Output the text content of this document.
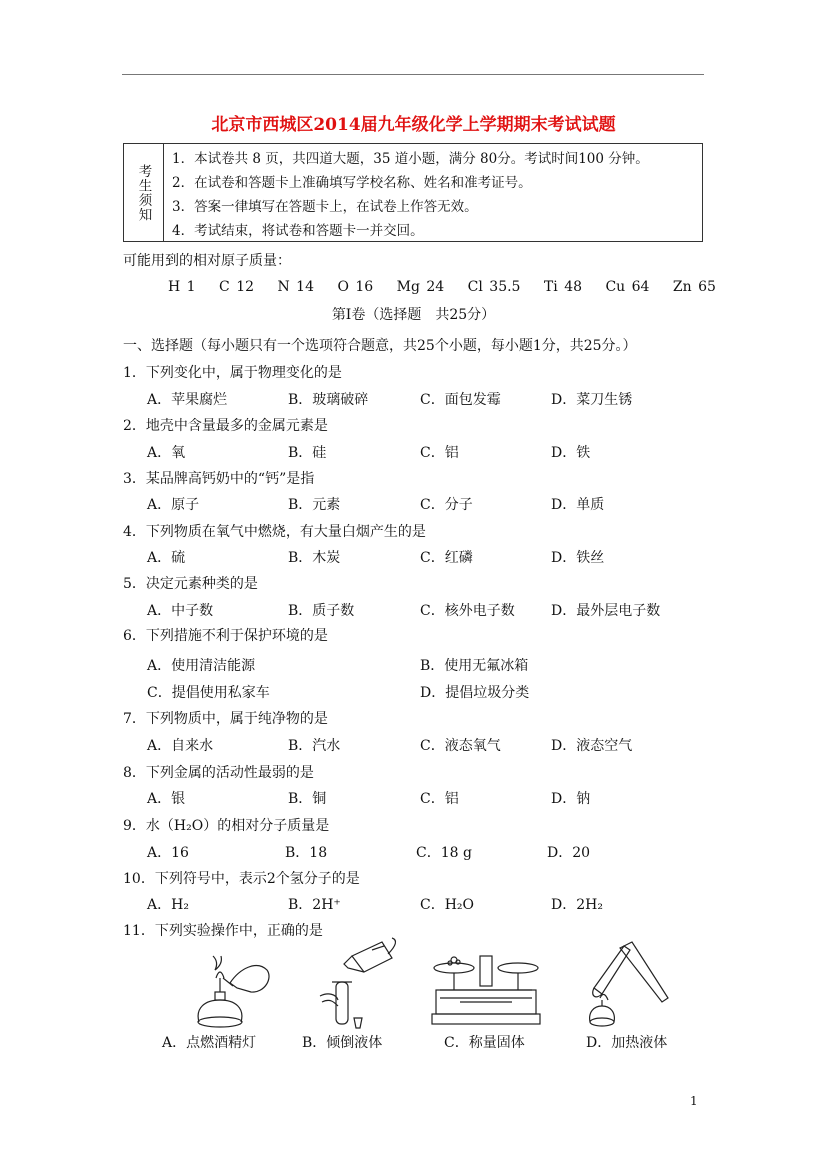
北京市西城区2014届九年级化学上学期期末考试试题
考生须知
1．本试卷共 8 页，共四道大题，35 道小题，满分 80分。考试时间100 分钟。
2．在试卷和答题卡上准确填写学校名称、姓名和准考证号。
3．答案一律填写在答题卡上，在试卷上作答无效。
4．考试结束，将试卷和答题卡一并交回。
可能用到的相对原子质量：
H 1 C 12 N 14 O 16 Mg 24 Cl 35.5 Ti 48 Cu 64 Zn 65
第Ⅰ卷（选择题　共25分）
一、选择题（每小题只有一个选项符合题意，共25个小题，每小题1分，共25分。）
1．下列变化中，属于物理变化的是
A．苹果腐烂	B．玻璃破碎	C．面包发霉	D．菜刀生锈
2．地壳中含量最多的金属元素是
A．氧	B．硅	C．铝	D．铁
3．某品牌高钙奶中的“钙”是指
A．原子	B．元素	C．分子	D．单质
4．下列物质在氧气中燃烧，有大量白烟产生的是
A．硫	B．木炭	C．红磷	D．铁丝
5．决定元素种类的是
A．中子数	B．质子数	C．核外电子数	D．最外层电子数
6．下列措施不利于保护环境的是
A．使用清洁能源	B．使用无氟冰箱
C．提倡使用私家车	D．提倡垃圾分类
7．下列物质中，属于纯净物的是
A．自来水	B．汽水	C．液态氧气	D．液态空气
8．下列金属的活动性最弱的是
A．银	B．铜	C．铝	D．钠
9．水（H₂O）的相对分子质量是
A．16	B．18	C．18 g	D．20
10．下列符号中，表示2个氢分子的是
A．H₂	B．2H⁺	C．H₂O	D．2H₂
11．下列实验操作中，正确的是
A．点燃酒精灯	B．倾倒液体	C．称量固体	D．加热液体
1
